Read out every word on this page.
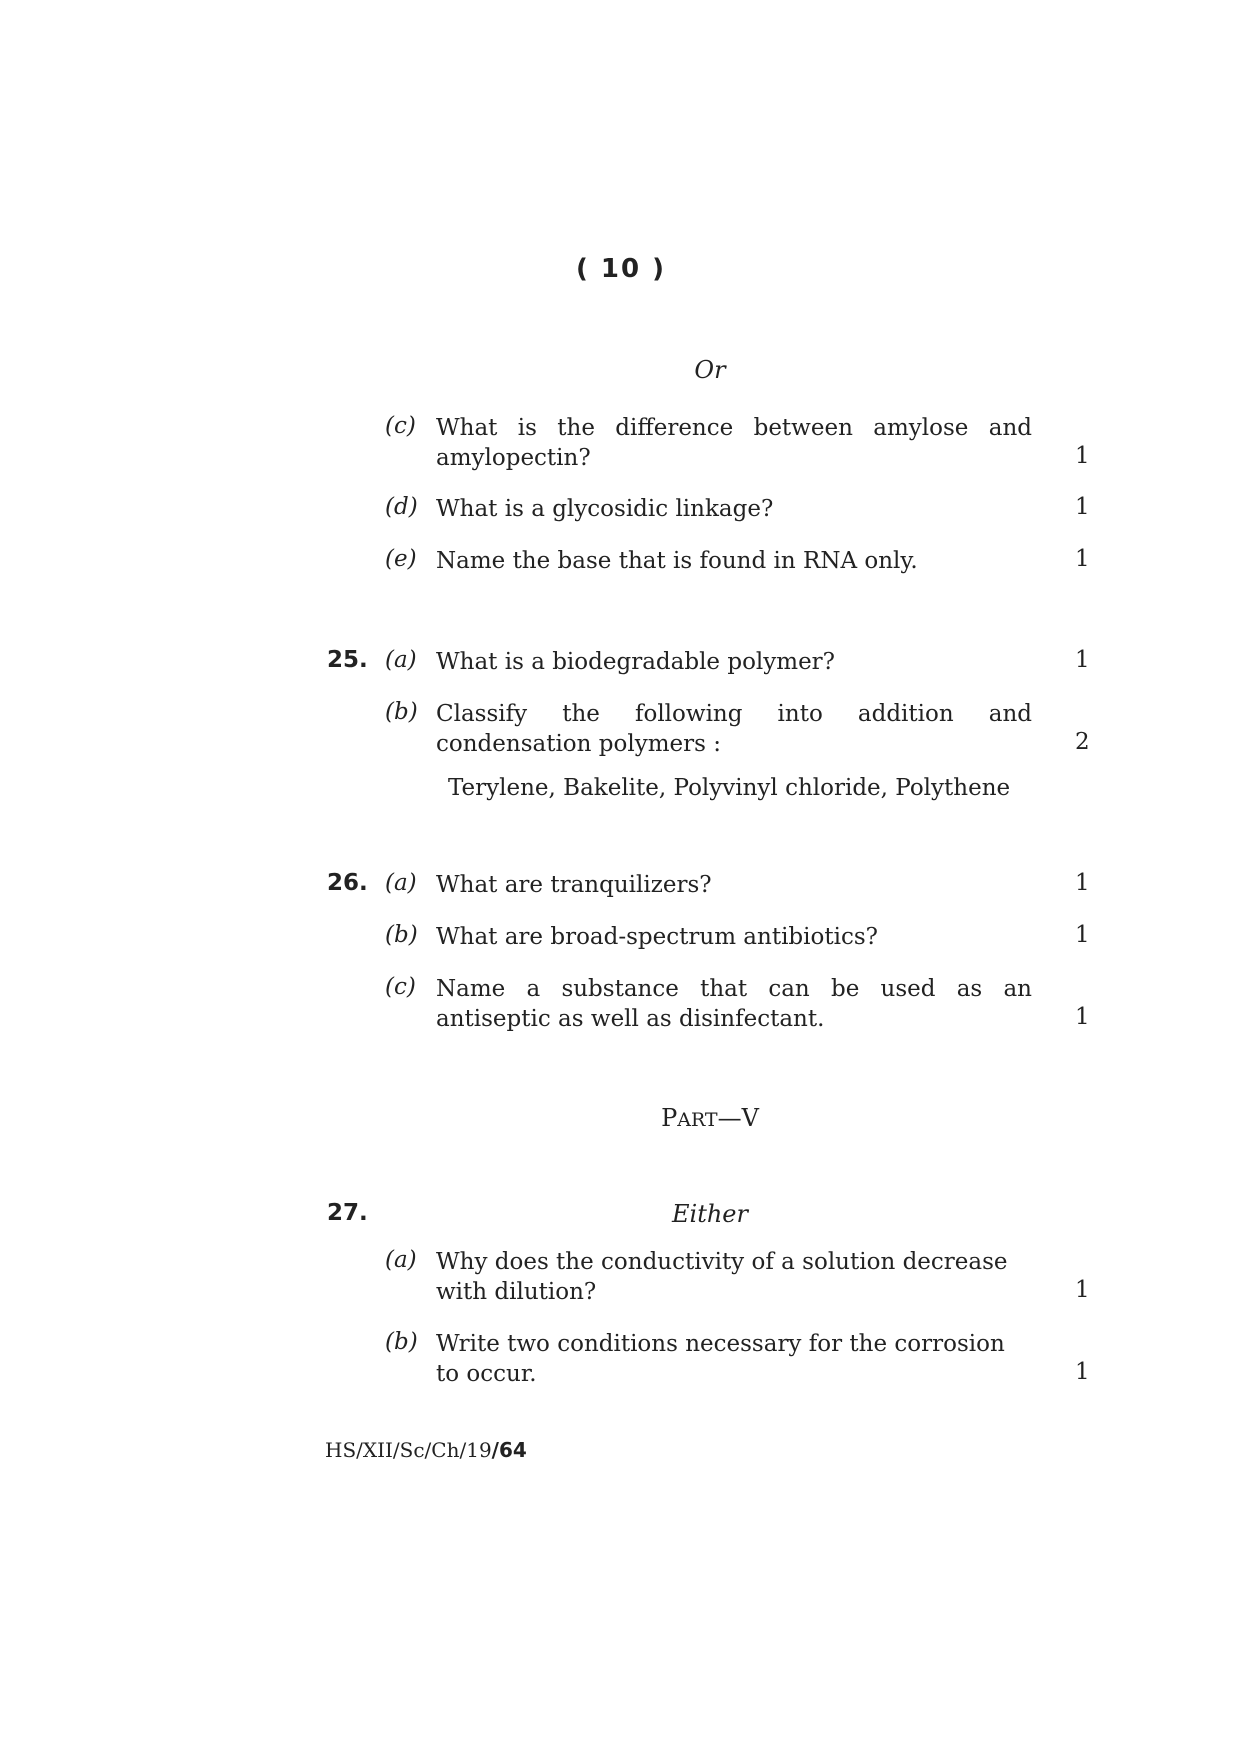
( 10 )
Or
(c) What is the difference between amylose and
amylopectin?	1
(d) What is a glycosidic linkage?	1
(e) Name the base that is found in RNA only.	1
25. (a) What is a biodegradable polymer?	1
(b) Classify the following into addition and
condensation polymers :	2
Terylene, Bakelite, Polyvinyl chloride, Polythene
26. (a) What are tranquilizers?	1
(b) What are broad-spectrum antibiotics?	1
(c) Name a substance that can be used as an
antiseptic as well as disinfectant.	1
PART—V
27.	Either
(a) Why does the conductivity of a solution decrease
with dilution?	1
(b) Write two conditions necessary for the corrosion
to occur.	1
HS/XII/Sc/Ch/19/64
